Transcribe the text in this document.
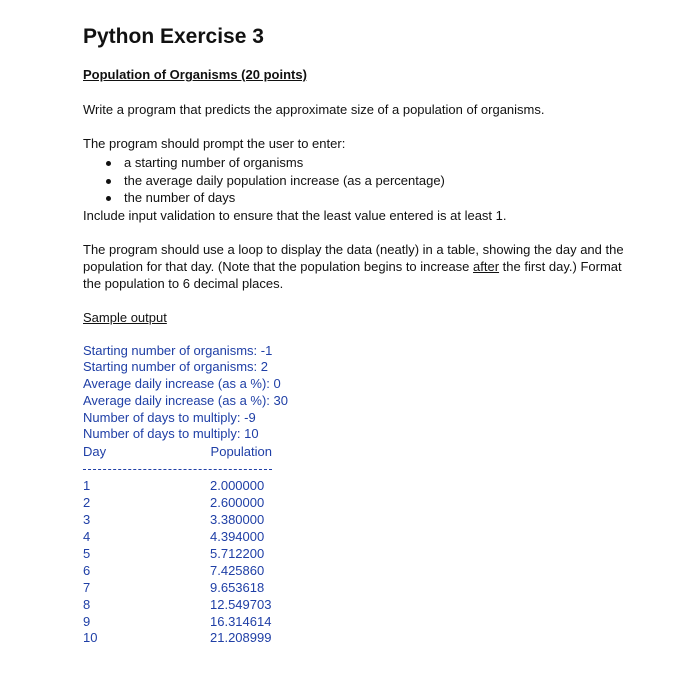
Python Exercise 3
Population of Organisms (20 points)

Write a program that predicts the approximate size of a population of organisms.

The program should prompt the user to enter:

a starting number of organisms
the average daily population increase (as a percentage)
the number of days

Include input validation to ensure that the least value entered is at least 1.

The program should use a loop to display the data (neatly) in a table, showing the day and the population for that day. (Note that the population begins to increase after the first day.) Format the population to 6 decimal places.

Sample output
Starting number of organisms: -1
Starting number of organisms: 2
Average daily increase (as a %): 0
Average daily increase (as a %): 30
Number of days to multiply: -9
Number of days to multiply: 10
Day	Population
1	2.000000
2	2.600000
3	3.380000
4	4.394000
5	5.712200
6	7.425860
7	9.653618
8	12.549703
9	16.314614
10	21.208999
